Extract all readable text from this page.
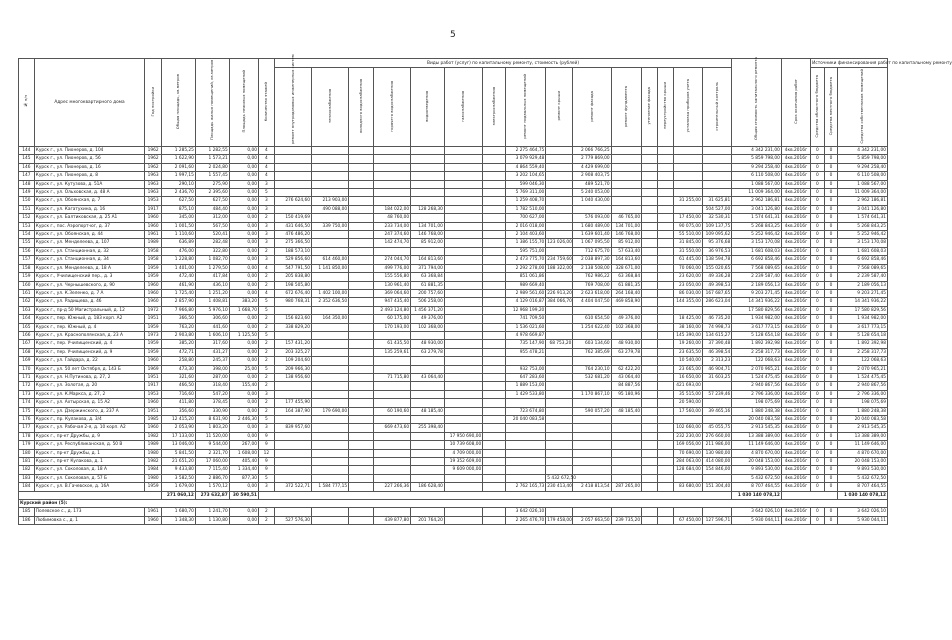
5
№ п/п	Адрес многоквартирного дома	Год постройки	Общая площадь, кв.метров	Площадь жилых помещений, кв.метров	Площадь нежилых помещений	Количество этажей	Виды работ (услуг) по капитальному ремонту, стоимость (рублей)															Общая стоимость капитального ремонта	Срок окончания работ	Источники финансирования работ по капитальному ремонту		
							ремонт внутридомовых инженерных систем	теплоснабжения	холодного водоснабжения	горячего водоснабжения	водоотведения	газоснабжения	электроснабжения	ремонт подвальных помещений	ремонт крыши	ремонт фасада	ремонт фундамента	утепление фасада	переустройство крыши	установка приборов учета	строительный контроль			Средства областного бюджета	Средства местного бюджета	Средства собственников помещений
144	Курск г., ул. Пионеров, д. 104	1962	1 285,25	1 282,55	0,00	4								2 275 464,75		2 066 766,25						4 342 231,00	4кв.2016г	0	0	4 342 231,00
145	Курск г., ул. Пионеров, д. 56	1962	1 622,90	1 573,21	0,00	4								3 079 929,48		2 779 869,00						5 859 798,00	4кв.2016г	0	0	5 859 798,00
146	Курск г., ул. Пионеров, д. 16	1962	2 091,60	2 024,80	0,00	4								4 864 559,40		4 429 699,00						9 294 258,40	4кв.2016г	0	0	9 294 258,40
147	Курск г., ул. Пионеров, д. 8	1963	1 997,15	1 557,45	0,00	4								3 202 104,65		2 908 403,75						6 110 508,00	4кв.2016г	0	0	6 110 508,00
148	Курск г., ул. Кутузова, д. 51А	1963	290,10	275,90	0,00	3								599 046,30		489 521,70						1 088 567,00	4кв.2016г	0	0	1 088 567,00
149	Курск г., ул. Ольховская, д. 48 А	1963	2 436,70	2 395,60	0,00	5								5 769 311,00		5 240 053,00						11 009 364,00	4кв.2016г	0	0	11 009 364,00
150	Курск г., ул. Обоянская, д. 7	1953	627,50	627,50	0,00	3	276 624,60	213 903,00						1 259 408,70		1 040 430,00				31 255,00	31 625,81	2 962 186,81	4кв.2016г	0	0	2 962 186,81
151	Курск г., ул. Кагатухина, д. 16	1917	875,10	484,40	0,00	3		490 088,00		184 022,00	128 268,30			1 782 510,00							504 527,00	3 041 126,80	4кв.2016г	0	0	3 041 126,80
152	Курск г., ул. Балтиковская, д. 25 А1	1960	345,00	312,00	0,00	2	150 419,69			48 760,00				700 627,00		576 093,00	46 765,00			17 450,00	32 530,31	1 574 641,31	4кв.2016г	0	0	1 574 641,31
153	Курск г., пос. Аэропорт-юг, д. 37	1960	1 001,50	567,50	0,00	3	431 646,50	339 750,00		233 734,00	134 701,00			2 016 018,00		1 680 489,00	134 701,00			90 075,00	109 137,75	5 268 843,25	4кв.2016г	0	0	5 268 843,25
154	Курск г., ул. Обоянская, д. 44	1961	1 110,60	520,41	0,00	3	476 486,20			247 374,60	146 768,00			2 104 403,60		1 639 601,40	146 768,00			55 510,00	109 095,62	5 252 946,42	4кв.2016г	0	0	5 252 946,42
155	Курск г., ул. Менделеева, д. 107	1989	636,89	282,48	0,00	3	275 366,50			142 474,70	85 912,00			1 386 155,70	123 026,00	1 067 095,50	85 912,00			31 845,00	95 376,68	3 153 170,08	4кв.2016г	0	0	3 153 170,08
156	Курск г., ул. Станционная, д. 32	1958	476,00	322,80	0,00	2	188 573,10							595 751,00		712 675,70	57 633,40			31 550,00	36 976,53	1 681 608,03	4кв.2016г	0	0	1 681 608,03
157	Курск г., ул. Станционная, д. 34	1958	1 228,80	1 082,70	0,00	3	529 856,60	614 460,00		274 044,70	164 813,60			2 473 775,70	234 759,60	2 038 897,30	164 813,60			61 445,00	138 594,78	6 692 858,46	4кв.2016г	0	0	6 692 858,46
158	Курск г., ул. Менделеева, д. 18 А	1959	1 401,00	1 279,50	0,00	4	547 791,50	1 141 850,00		499 776,00	371 794,00			2 292 278,00	188 322,00	2 138 508,00	328 671,00			70 060,00	155 020,65	7 568 089,65	4кв.2016г	0	0	7 568 089,65
159	Курск г., Училищенский пер., д. 3	1959	472,40	417,84	0,00	2	205 838,80			155 556,80	63 368,84			851 061,86		762 986,22	63 368,84			23 620,00	49 336,28	2 239 587,40	4кв.2016г	0	0	2 239 587,40
160	Курск г., ул. Чернышевского, д. 90	1960	461,90	436,10	0,00	2	198 505,80			130 961,40	61 881,35			989 669,40		769 708,00	61 881,35			23 050,00	49 398,53	2 189 056,13	4кв.2016г	0	0	2 189 056,13
161	Курск г., ул. К.Зеленко, д. 7 А	1960	1 725,40	1 251,20	0,00	4	672 676,40	1 402 100,00		369 064,60	200 757,60			2 989 561,60	226 913,20	2 623 618,00	264 168,40			86 030,00	167 687,65	9 203 271,45	4кв.2016г	0	0	9 203 271,45
162	Курск г., ул. Радищева, д. 46	1960	2 857,90	1 408,81	383,20	5	980 768,31	2 352 636,50		947 435,40	506 258,00			4 129 016,87	384 066,70	4 404 047,50	469 858,90			144 355,00	286 623,04	14 341 936,22	4кв.2016г	0	0	14 341 936,22
163	Курск г., пр-д 50 Магистральный, д. 12	1972	7 966,80	5 976,10	1 668,70	5				2 493 124,80	1 456 371,20			12 968 199,20								17 580 829,56	4кв.2016г	0	0	17 580 829,56
164	Курск г., пер. Южный, д. 183 корп. А2	1951	366,50	306,60	0,00	2	156 823,60	164 350,00		60 175,00	49 376,00			741 709,50		610 654,50	49 376,00			18 425,00	46 735,20	1 934 982,00	4кв.2016г	0	0	1 934 982,00
165	Курск г., пер. Южный, д. 4	1959	763,20	441,60	0,00	2	338 829,20			170 193,00	102 368,00			1 536 021,60		1 254 622,40	102 368,00			38 160,00	74 998,73	3 617 773,15	4кв.2016г	0	0	3 617 773,15
166	Курск г., ул. Краснополянская, д. 23 А	1973	2 903,80	1 606,10	1 125,50	5								4 978 669,87						145 390,00	134 615,27	5 128 654,18	4кв.2016г	0	0	5 128 654,18
167	Курск г., пер. Училищенский, д. 4	1959	385,20	317,60	0,00	2	157 431,20			61 435,50	48 930,00			735 147,90	68 753,20	603 134,60	48 930,00			19 260,00	37 390,48	1 892 392,98	4кв.2016г	0	0	1 892 392,98
168	Курск г., пер. Училищенский, д. 9	1959	472,71	431,27	0,00	2	203 325,27			135 259,61	63 279,78			955 478,21		762 385,69	63 279,78			23 635,50	46 398,54	2 258 317,73	4кв.2016г	0	0	2 258 317,73
169	Курск г., ул. Гайдара, д. 22	1960	258,80	245,37	0,00	2	109 204,60													10 540,00	2 313,23	122 068,63	4кв.2016г	0	0	122 068,63
170	Курск г., ул. 50 лет Октября, д. 143 Б	1969	473,30	398,00	25,00	5	209 966,30							932 753,00		764 230,10	62 422,20			23 665,00	46 904,71	2 070 965,21	4кв.2016г	0	0	2 070 965,21
171	Курск г., ул. Н.Путинова, д. 27, 2	1951	321,60	287,00	0,00	2	138 956,60			71 715,80	43 064,40			647 283,60		532 681,20	43 064,40			16 650,00	31 603,25	1 524 475,45	4кв.2016г	0	0	1 524 475,45
172	Курск г., ул. Золотая, д. 20	1917	466,50	318,40	155,40	2								1 889 153,00			84 887,56			421 693,00		2 940 867,56	4кв.2016г	0	0	2 940 867,56
173	Курск г., ул. К.Маркса, д. 27, 2	1953	716,60	547,20	0,00	3								1 429 533,80		1 170 867,10	95 180,96			35 515,00	57 239,46	2 796 336,00	4кв.2016г	0	0	2 796 336,00
174	Курск г., ул. Ахтырская, д. 15 А2	1960	411,80	378,45	0,00	2	177 455,90													20 590,00		198 075,69	4кв.2016г	0	0	198 075,69
175	Курск г., ул. Дзержинского, д. 237 А	1951	356,60	330,90	0,00	2	164 387,90	179 690,00		60 190,60	48 185,40			723 674,80		590 057,20	48 185,40			17 560,00	39 465,16	1 880 248,38	4кв.2016г	0	0	1 880 248,38
176	Курск г., пр. Кулакова, д. 3/4	1985	12 415,20	8 631,90	2 446,30	5								20 040 083,58								20 040 083,58	4кв.2016г	0	0	20 040 083,58
177	Курск г., ул. Рабочая 2-я, д. 10 корп. А2	1960	2 053,90	1 803,20	0,00	3	839 957,60			669 473,60	255 398,40									102 660,00	45 055,75	2 913 545,35	4кв.2016г	0	0	2 913 545,35
178	Курск г., пр-кт Дружбы, д. 9	1982	17 133,00	11 520,00	0,00	9						17 950 690,00								232 230,00	276 660,00	13 388 389,00	4кв.2016г	0	0	13 388 389,00
179	Курск г., ул. Республиканская, д. 50 В	1989	13 046,00	9 544,00	267,00	9						10 739 608,00								169 056,00	211 986,00	11 149 646,00	4кв.2016г	0	0	11 149 646,00
180	Курск г., пр-кт Дружбы, д. 1	1980	5 841,50	2 321,70	1 608,00	12						4 709 000,00								70 690,00	130 980,00	4 870 670,00	4кв.2016г	0	0	4 870 670,00
181	Курск г., пр-кт Кулакова, д. 1	1982	21 651,20	17 060,00	405,40	9						19 352 609,00								284 063,00	414 080,00	20 048 153,00	4кв.2016г	0	0	20 048 153,00
182	Курск г., ул. Соколовая, д. 18 А	1984	9 433,80	7 115,40	1 334,40	9						9 609 000,00								128 684,00	154 846,00	9 893 530,00	4кв.2016г	0	0	9 893 530,00
183	Курск г., ул. Соколовая, д. 57 Б	1980	3 582,50	2 886,70	877,30	5									5 432 672,50							5 432 672,50	4кв.2016г	0	0	5 432 672,50
184	Курск г., ул. В.Гачевское, д. 16А	1959	1 679,00	1 570,12	0,00	3	372 522,71	1 584 777,15		227 266,36	186 628,40			2 762 165,73	230 413,40	2 418 813,54	287 265,00			83 680,00	151 304,40	8 707 464,55	4кв.2016г	0	0	8 707 464,55
			271 060,12	273 632,87	30 590,51																	1 030 140 078,12				1 030 140 078,12
Курский район (5):																										
185	Полевское с., д. 173	1961	1 680,70	1 241,70	0,00	2								3 642 026,10								3 642 026,10	4кв.2016г	0	0	3 642 026,10
186	Любимовка с., д. 1	1960	1 348,30	1 130,80	0,00	2	527 576,30			439 877,80	201 764,20			2 265 476,70	179 458,00	2 057 663,50	239 735,20			67 450,00	127 596,71	5 930 044,11	4кв.2016г	0	0	5 930 044,11
